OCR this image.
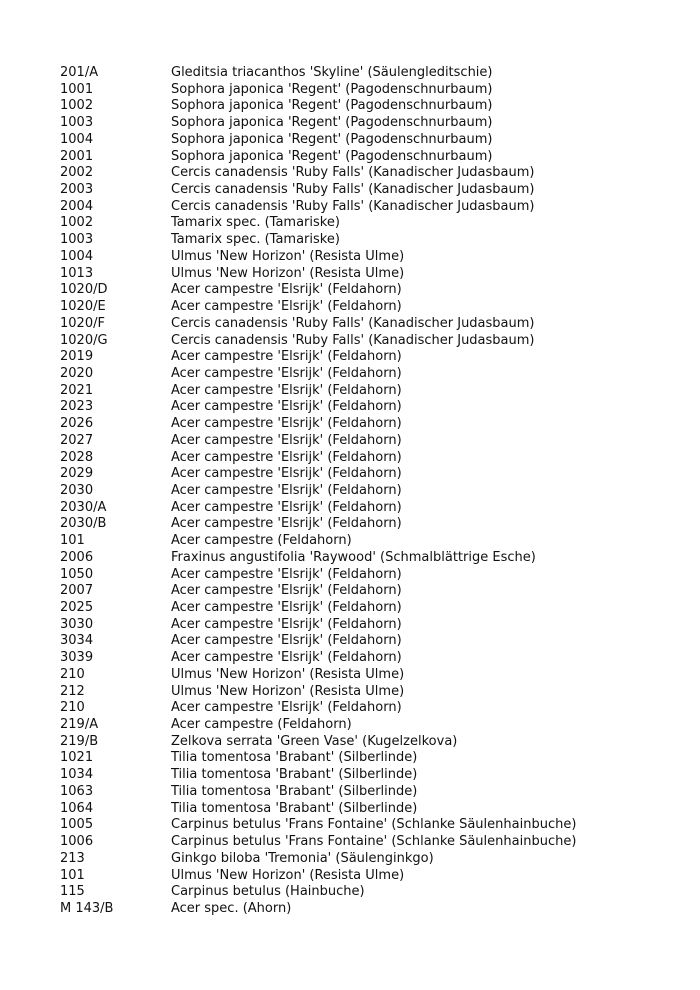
201/A	Gleditsia triacanthos 'Skyline' (Säulengleditschie)
1001	Sophora japonica 'Regent' (Pagodenschnurbaum)
1002	Sophora japonica 'Regent' (Pagodenschnurbaum)
1003	Sophora japonica 'Regent' (Pagodenschnurbaum)
1004	Sophora japonica 'Regent' (Pagodenschnurbaum)
2001	Sophora japonica 'Regent' (Pagodenschnurbaum)
2002	Cercis canadensis 'Ruby Falls' (Kanadischer Judasbaum)
2003	Cercis canadensis 'Ruby Falls' (Kanadischer Judasbaum)
2004	Cercis canadensis 'Ruby Falls' (Kanadischer Judasbaum)
1002	Tamarix spec. (Tamariske)
1003	Tamarix spec. (Tamariske)
1004	Ulmus 'New Horizon' (Resista Ulme)
1013	Ulmus 'New Horizon' (Resista Ulme)
1020/D	Acer campestre 'Elsrijk' (Feldahorn)
1020/E	Acer campestre 'Elsrijk' (Feldahorn)
1020/F	Cercis canadensis 'Ruby Falls' (Kanadischer Judasbaum)
1020/G	Cercis canadensis 'Ruby Falls' (Kanadischer Judasbaum)
2019	Acer campestre 'Elsrijk' (Feldahorn)
2020	Acer campestre 'Elsrijk' (Feldahorn)
2021	Acer campestre 'Elsrijk' (Feldahorn)
2023	Acer campestre 'Elsrijk' (Feldahorn)
2026	Acer campestre 'Elsrijk' (Feldahorn)
2027	Acer campestre 'Elsrijk' (Feldahorn)
2028	Acer campestre 'Elsrijk' (Feldahorn)
2029	Acer campestre 'Elsrijk' (Feldahorn)
2030	Acer campestre 'Elsrijk' (Feldahorn)
2030/A	Acer campestre 'Elsrijk' (Feldahorn)
2030/B	Acer campestre 'Elsrijk' (Feldahorn)
101	Acer campestre (Feldahorn)
2006	Fraxinus angustifolia 'Raywood' (Schmalblättrige Esche)
1050	Acer campestre 'Elsrijk' (Feldahorn)
2007	Acer campestre 'Elsrijk' (Feldahorn)
2025	Acer campestre 'Elsrijk' (Feldahorn)
3030	Acer campestre 'Elsrijk' (Feldahorn)
3034	Acer campestre 'Elsrijk' (Feldahorn)
3039	Acer campestre 'Elsrijk' (Feldahorn)
210	Ulmus 'New Horizon' (Resista Ulme)
212	Ulmus 'New Horizon' (Resista Ulme)
210	Acer campestre 'Elsrijk' (Feldahorn)
219/A	Acer campestre (Feldahorn)
219/B	Zelkova serrata 'Green Vase' (Kugelzelkova)
1021	Tilia tomentosa 'Brabant' (Silberlinde)
1034	Tilia tomentosa 'Brabant' (Silberlinde)
1063	Tilia tomentosa 'Brabant' (Silberlinde)
1064	Tilia tomentosa 'Brabant' (Silberlinde)
1005	Carpinus betulus 'Frans Fontaine' (Schlanke Säulenhainbuche)
1006	Carpinus betulus 'Frans Fontaine' (Schlanke Säulenhainbuche)
213	Ginkgo biloba 'Tremonia' (Säulenginkgo)
101	Ulmus 'New Horizon' (Resista Ulme)
115	Carpinus betulus (Hainbuche)
M 143/B	Acer spec. (Ahorn)
